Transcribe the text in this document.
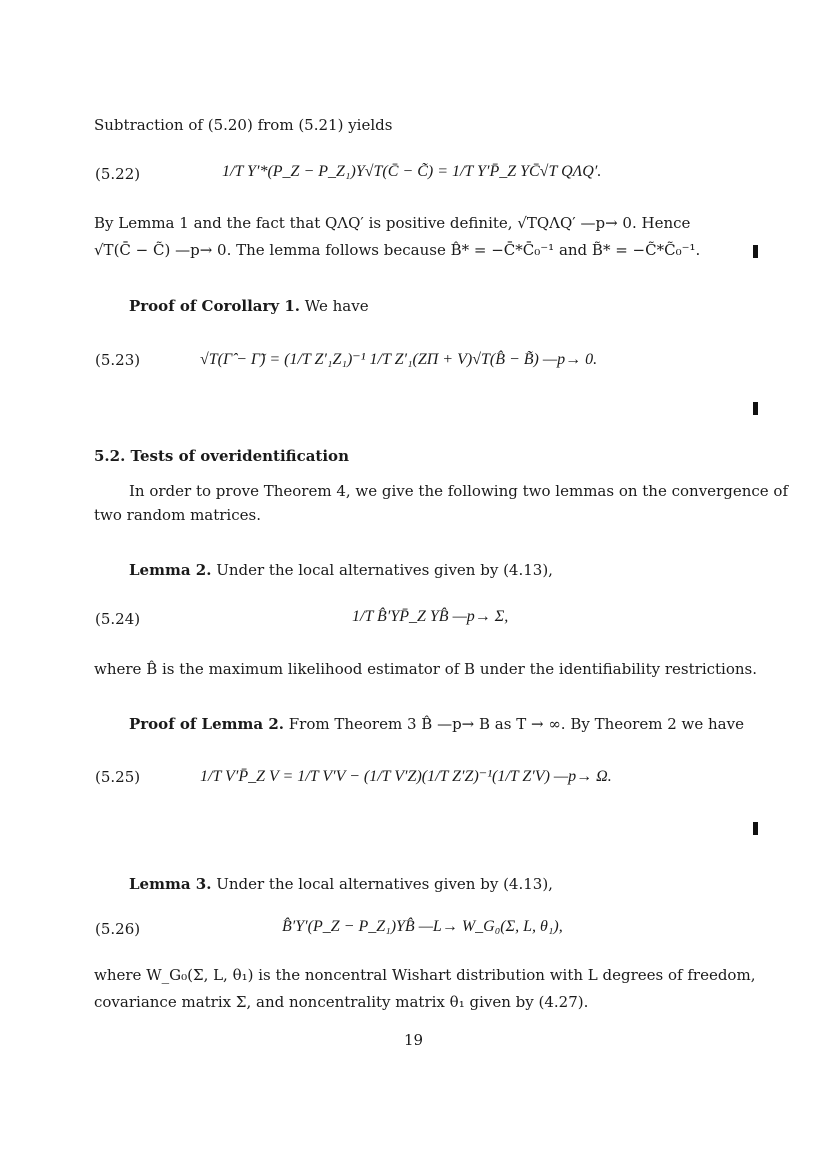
Subtraction of (5.20) from (5.21) yields
(5.22)	1/T Y′*(P_Z − P_Z₁)Y√T(C̄ − C̃) = 1/T Y′P̄_Z YC̄√T QΛQ′.
By Lemma 1 and the fact that QΛQ′ is positive definite, √TQΛQ′ —p→ 0. Hence
√T(C̄ − C̃) —p→ 0. The lemma follows because B̂* = −C̄*C̄₀⁻¹ and B̃* = −C̃*C̃₀⁻¹.
Proof of Corollary 1. We have
(5.23)	√T(Γ̂ − Γ̃) = (1/T Z′₁Z₁)⁻¹ 1/T Z′₁(ZΠ + V)√T(B̂ − B̃) —p→ 0.
5.2. Tests of overidentification
In order to prove Theorem 4, we give the following two lemmas on the convergence of
two random matrices.
Lemma 2. Under the local alternatives given by (4.13),
(5.24)	1/T B̂′YP̄_Z YB̂ —p→ Σ,
where B̂ is the maximum likelihood estimator of B under the identifiability restrictions.
Proof of Lemma 2. From Theorem 3 B̂ —p→ B as T → ∞. By Theorem 2 we have
(5.25)	1/T V′P̄_Z V = 1/T V′V − (1/T V′Z)(1/T Z′Z)⁻¹(1/T Z′V) —p→ Ω.
Lemma 3. Under the local alternatives given by (4.13),
(5.26)	B̂′Y′(P_Z − P_Z₁)YB̂ —L→ W_G₀(Σ, L, θ₁),
where W_G₀(Σ, L, θ₁) is the noncentral Wishart distribution with L degrees of freedom,
covariance matrix Σ, and noncentrality matrix θ₁ given by (4.27).
19
